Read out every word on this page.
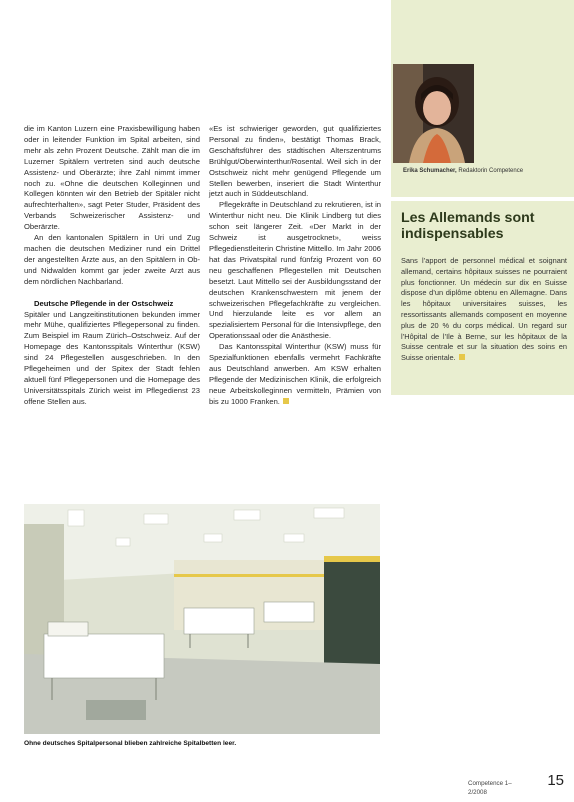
die im Kanton Luzern eine Praxisbewilligung haben oder in leitender Funktion im Spital arbeiten, sind mehr als zehn Prozent Deutsche. Zählt man die im Luzerner Spitälern vertreten sind auch deutsche Assistenz- und Oberärzte; ihre Zahl nimmt immer noch zu. «Ohne die deutschen Kolleginnen und Kollegen könnten wir den Betrieb der Spitäler nicht aufrechterhalten», sagt Peter Studer, Präsident des Verbands Schweizerischer Assistenz- und Oberärzte.

An den kantonalen Spitälern in Uri und Zug machen die deutschen Mediziner rund ein Drittel der angestellten Ärzte aus, an den Spitälern in Ob- und Nidwalden kommt gar jeder zweite Arzt aus dem nördlichen Nachbarland.

Deutsche Pflegende in der Ostschweiz

Spitäler und Langzeitinstitutionen bekunden immer mehr Mühe, qualifiziertes Pflegepersonal zu finden. Zum Beispiel im Raum Zürich–Ostschweiz. Auf der Homepage des Kantonsspitals Winterthur (KSW) sind 24 Pflegestellen ausgeschrieben. In den Pflegeheimen und der Spitex der Stadt fehlen aktuell fünf Pflegepersonen und die Homepage des Universitätsspitals Zürich weist im Pflegedienst 23 offene Stellen aus.

«Es ist schwieriger geworden, gut qualifiziertes Personal zu finden», bestätigt Thomas Brack, Geschäftsführer des städtischen Alterszentrums Brühlgut/Oberwinterthur/Rosental. Weil sich in der Ostschweiz nicht mehr genügend Pflegende um Stellen bewerben, inseriert die Stadt Winterthur jetzt auch in Süddeutschland.

Pflegekräfte in Deutschland zu rekrutieren, ist in Winterthur nicht neu. Die Klinik Lindberg tut dies schon seit längerer Zeit. «Der Markt in der Schweiz ist ausgetrocknet», weiss Pflegedienstleiterin Christine Mittello. Im Jahr 2006 hat das Privatspital rund fünfzig Prozent von 60 neu geschaffenen Pflegestellen mit Deutschen besetzt. Laut Mittello sei der Ausbildungsstand der deutschen Krankenschwestern mit jenem der schweizerischen Pflegefachkräfte zu vergleichen. Und hierzulande leite es vor allem an spezialisiertem Personal für die Intensivpflege, den Operationssaal oder die Anästhesie.

Das Kantonsspital Winterthur (KSW) muss für Spezialfunktionen ebenfalls vermehrt Fachkräfte aus Deutschland anwerben. Am KSW erhalten Pflegende der Medizinischen Klinik, die erfolgreich neue Arbeitskolleginnen vermitteln, Prämien von bis zu 1000 Franken.

Erika Schumacher, Redaktorin Competence
Les Allemands sont indispensables

Sans l’apport de personnel médical et soignant allemand, certains hôpitaux suisses ne pourraient plus fonctionner. Un médecin sur dix en Suisse dispose d’un diplôme obtenu en Allemagne. Dans les hôpitaux universitaires suisses, les ressortissants allemands composent en moyenne plus de 20 % du corps médical. Un regard sur l’Hôpital de l’Ile à Berne, sur les hôpitaux de la Suisse centrale et sur la situation des soins en Suisse orientale.

Ohne deutsches Spitalpersonal blieben zahlreiche Spitalbetten leer.

Competence 1–2/2008
15
